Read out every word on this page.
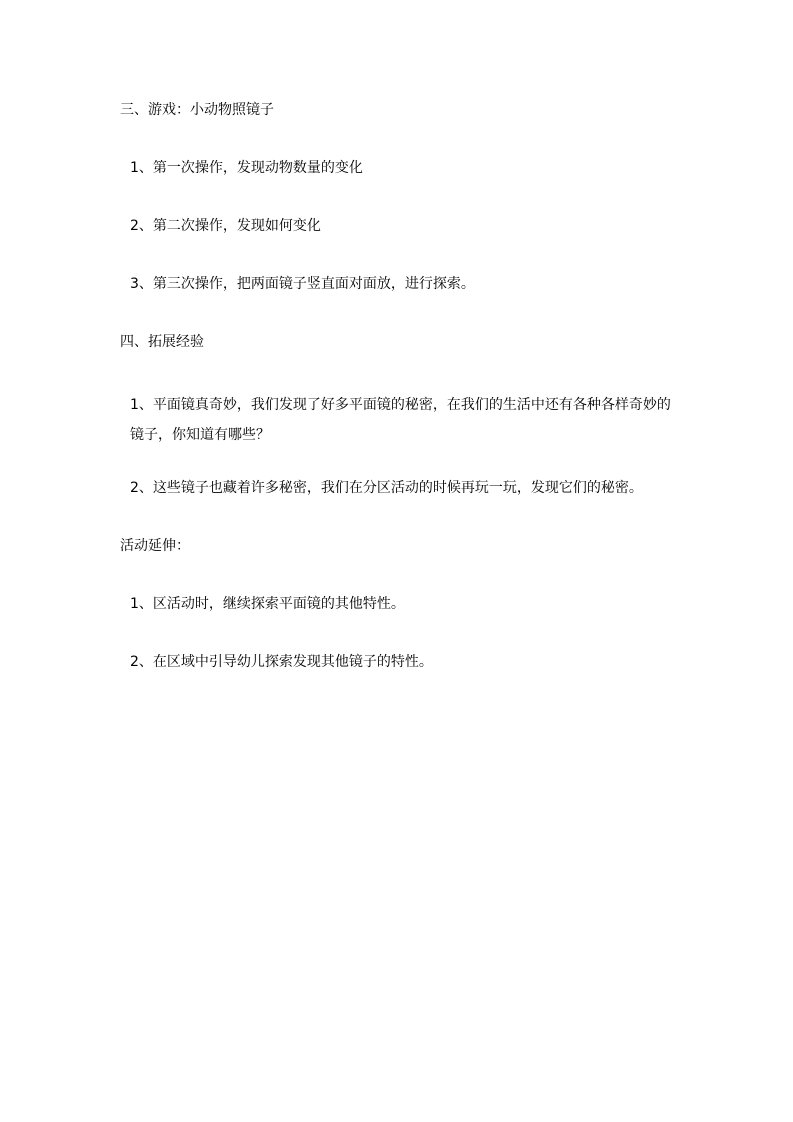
三、游戏：小动物照镜子

1、第一次操作，发现动物数量的变化

2、第二次操作，发现如何变化

3、第三次操作，把两面镜子竖直面对面放，进行探索。

四、拓展经验

1、平面镜真奇妙，我们发现了好多平面镜的秘密，在我们的生活中还有各种各样奇妙的镜子，你知道有哪些？

2、这些镜子也藏着许多秘密，我们在分区活动的时候再玩一玩，发现它们的秘密。

活动延伸：

1、区活动时，继续探索平面镜的其他特性。

2、在区域中引导幼儿探索发现其他镜子的特性。
